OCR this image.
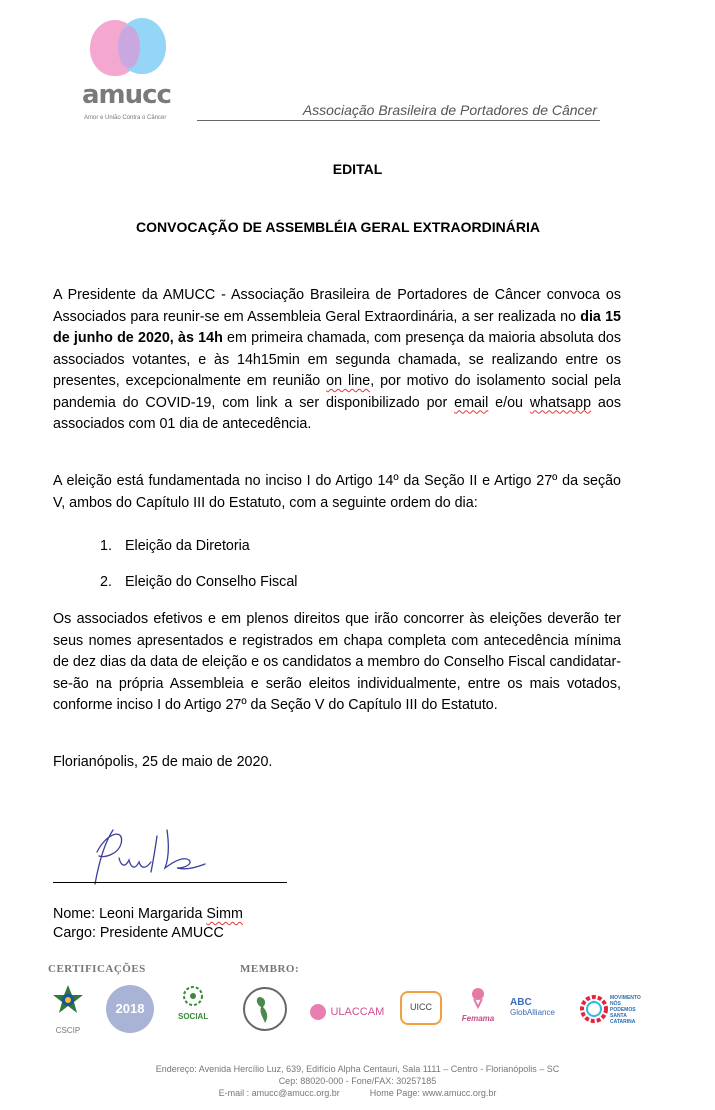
amucc
Amor e União Contra o Câncer	Associação Brasileira de Portadores de Câncer
EDITAL
CONVOCAÇÃO DE ASSEMBLÉIA GERAL EXTRAORDINÁRIA
A Presidente da AMUCC - Associação Brasileira de Portadores de Câncer convoca os Associados para reunir-se em Assembleia Geral Extraordinária, a ser realizada no dia 15 de junho de 2020, às 14h em primeira chamada, com presença da maioria absoluta dos associados votantes, e às 14h15min em segunda chamada, se realizando entre os presentes, excepcionalmente em reunião on line, por motivo do isolamento social pela pandemia do COVID-19, com link a ser disponibilizado por email e/ou whatsapp aos associados com 01 dia de antecedência.
A eleição está fundamentada no inciso I do Artigo 14º da Seção II e Artigo 27º da seção V, ambos do Capítulo III do Estatuto, com a seguinte ordem do dia:
1. Eleição da Diretoria
2. Eleição do Conselho Fiscal
Os associados efetivos e em plenos direitos que irão concorrer às eleições deverão ter seus nomes apresentados e registrados em chapa completa com antecedência mínima de dez dias da data de eleição e os candidatos a membro do Conselho Fiscal candidatar-se-ão na própria Assembleia e serão eleitos individualmente, entre os mais votados, conforme inciso I do Artigo 27º da Seção V do Capítulo III do Estatuto.
Florianópolis, 25 de maio de 2020.
Nome: Leoni Margarida Simm
Cargo: Presidente AMUCC
CERTIFICAÇÕES	MEMBRO:
CSCIP
2018
SOCIAL	ULACCAM	UICC
Femama
ABC
GlobAlliance
MOVIMENTO NÓS PODEMOS SANTA CATARINA
Endereço: Avenida Hercílio Luz, 639, Edifício Alpha Centauri, Sala 1111 – Centro - Florianópolis – SC
Cep: 88020-000 - Fone/FAX: 30257185
E-mail : amucc@amucc.org.br	Home Page: www.amucc.org.br
